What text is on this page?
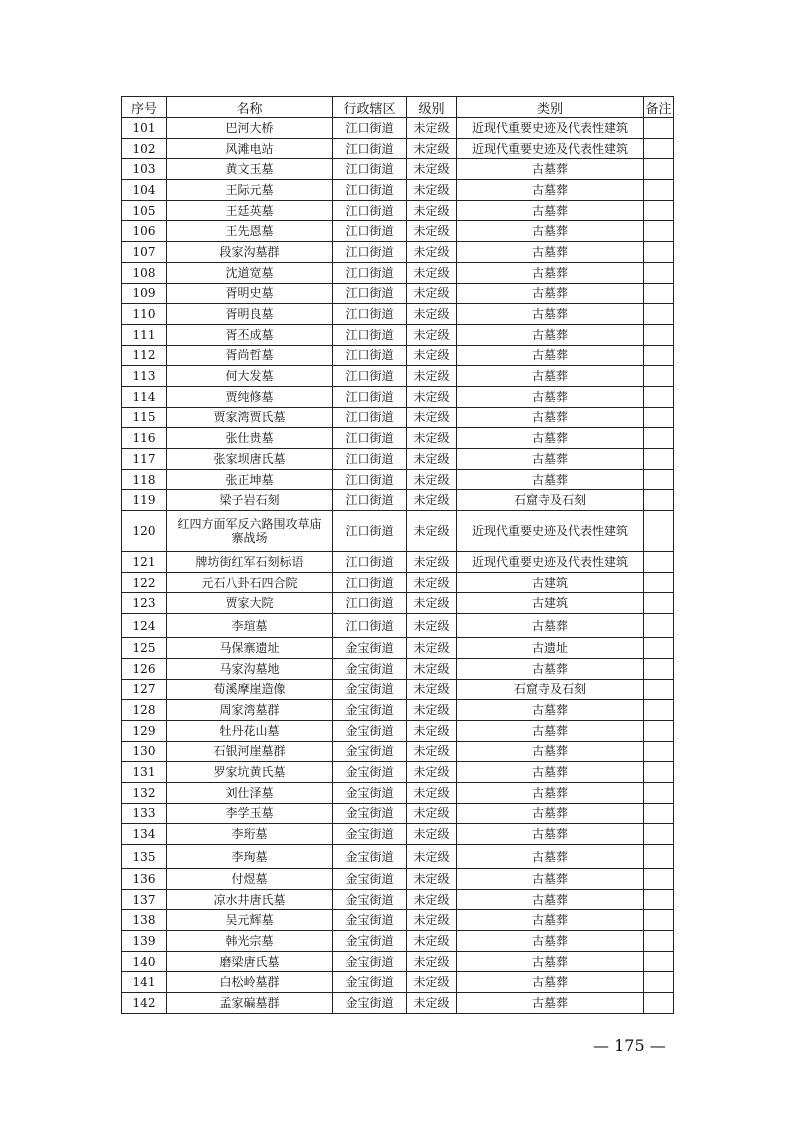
序号	名称	行政辖区	级别	类别	备注
101	巴河大桥	江口街道	未定级	近现代重要史迹及代表性建筑	
102	风滩电站	江口街道	未定级	近现代重要史迹及代表性建筑	
103	黄文玉墓	江口街道	未定级	古墓葬	
104	王际元墓	江口街道	未定级	古墓葬	
105	王廷英墓	江口街道	未定级	古墓葬	
106	王先恩墓	江口街道	未定级	古墓葬	
107	段家沟墓群	江口街道	未定级	古墓葬	
108	沈道宽墓	江口街道	未定级	古墓葬	
109	胥明史墓	江口街道	未定级	古墓葬	
110	胥明良墓	江口街道	未定级	古墓葬	
111	胥丕成墓	江口街道	未定级	古墓葬	
112	胥尚哲墓	江口街道	未定级	古墓葬	
113	何大发墓	江口街道	未定级	古墓葬	
114	贾纯修墓	江口街道	未定级	古墓葬	
115	贾家湾贾氏墓	江口街道	未定级	古墓葬	
116	张仕贵墓	江口街道	未定级	古墓葬	
117	张家坝唐氏墓	江口街道	未定级	古墓葬	
118	张正坤墓	江口街道	未定级	古墓葬	
119	梁子岩石刻	江口街道	未定级	石窟寺及石刻	
120	红四方面军反六路围攻草庙寨战场	江口街道	未定级	近现代重要史迹及代表性建筑	
121	牌坊街红军石刻标语	江口街道	未定级	近现代重要史迹及代表性建筑	
122	元石八卦石四合院	江口街道	未定级	古建筑	
123	贾家大院	江口街道	未定级	古建筑	
124	李瑄墓	江口街道	未定级	古墓葬	
125	马保寨遗址	金宝街道	未定级	古遗址	
126	马家沟墓地	金宝街道	未定级	古墓葬	
127	荀溪摩崖造像	金宝街道	未定级	石窟寺及石刻	
128	周家湾墓群	金宝街道	未定级	古墓葬	
129	牡丹花山墓	金宝街道	未定级	古墓葬	
130	石银河崖墓群	金宝街道	未定级	古墓葬	
131	罗家坑黄氏墓	金宝街道	未定级	古墓葬	
132	刘仕泽墓	金宝街道	未定级	古墓葬	
133	李学玉墓	金宝街道	未定级	古墓葬	
134	李珩墓	金宝街道	未定级	古墓葬	
135	李珣墓	金宝街道	未定级	古墓葬	
136	付煜墓	金宝街道	未定级	古墓葬	
137	凉水井唐氏墓	金宝街道	未定级	古墓葬	
138	吴元辉墓	金宝街道	未定级	古墓葬	
139	韩光宗墓	金宝街道	未定级	古墓葬	
140	磨梁唐氏墓	金宝街道	未定级	古墓葬	
141	白松岭墓群	金宝街道	未定级	古墓葬	
142	孟家碥墓群	金宝街道	未定级	古墓葬	
— 175 —
